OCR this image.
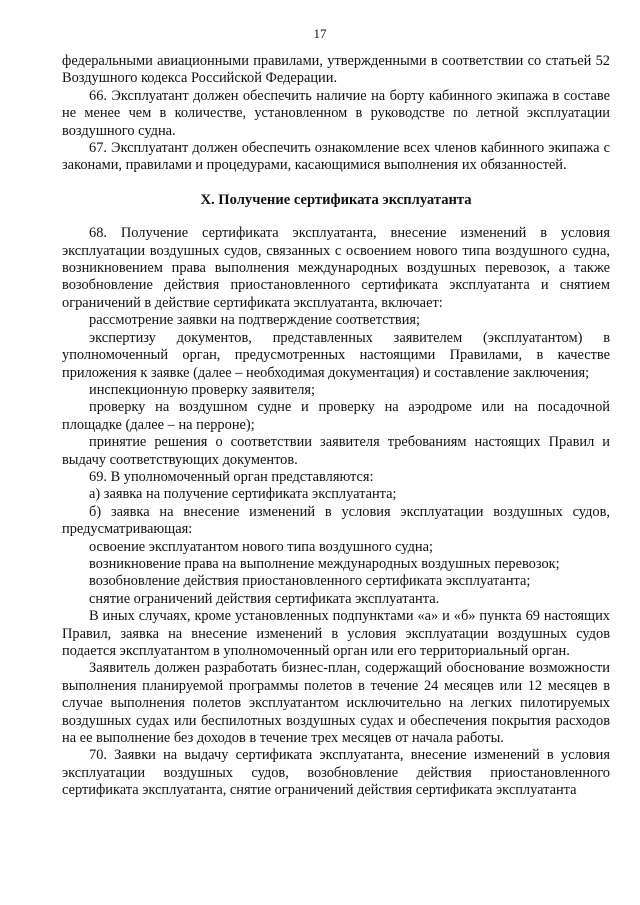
17

федеральными авиационными правилами, утвержденными в соответствии со статьей 52 Воздушного кодекса Российской Федерации.

66. Эксплуатант должен обеспечить наличие на борту кабинного экипажа в составе не менее чем в количестве, установленном в руководстве по летной эксплуатации воздушного судна.

67. Эксплуатант должен обеспечить ознакомление всех членов кабинного экипажа с законами, правилами и процедурами, касающимися выполнения их обязанностей.

X. Получение сертификата эксплуатанта

68. Получение сертификата эксплуатанта, внесение изменений в условия эксплуатации воздушных судов, связанных с освоением нового типа воздушного судна, возникновением права выполнения международных воздушных перевозок, а также возобновление действия приостановленного сертификата эксплуатанта и снятием ограничений в действие сертификата эксплуатанта, включает:

рассмотрение заявки на подтверждение соответствия;

экспертизу документов, представленных заявителем (эксплуатантом) в уполномоченный орган, предусмотренных настоящими Правилами, в качестве приложения к заявке (далее – необходимая документация) и составление заключения;

инспекционную проверку заявителя;

проверку на воздушном судне и проверку на аэродроме или на посадочной площадке (далее – на перроне);

принятие решения о соответствии заявителя требованиям настоящих Правил и выдачу соответствующих документов.

69. В уполномоченный орган представляются:

а) заявка на получение сертификата эксплуатанта;

б) заявка на внесение изменений в условия эксплуатации воздушных судов, предусматривающая:

освоение эксплуатантом нового типа воздушного судна;

возникновение права на выполнение международных воздушных перевозок;

возобновление действия приостановленного сертификата эксплуатанта;

снятие ограничений действия сертификата эксплуатанта.

В иных случаях, кроме установленных подпунктами «а» и «б» пункта 69 настоящих Правил, заявка на внесение изменений в условия эксплуатации воздушных судов подается эксплуатантом в уполномоченный орган или его территориальный орган.

Заявитель должен разработать бизнес-план, содержащий обоснование возможности выполнения планируемой программы полетов в течение 24 месяцев или 12 месяцев в случае выполнения полетов эксплуатантом исключительно на легких пилотируемых воздушных судах или беспилотных воздушных судах и обеспечения покрытия расходов на ее выполнение без доходов в течение трех месяцев от начала работы.

70. Заявки на выдачу сертификата эксплуатанта, внесение изменений в условия эксплуатации воздушных судов, возобновление действия приостановленного сертификата эксплуатанта, снятие ограничений действия сертификата эксплуатанта
